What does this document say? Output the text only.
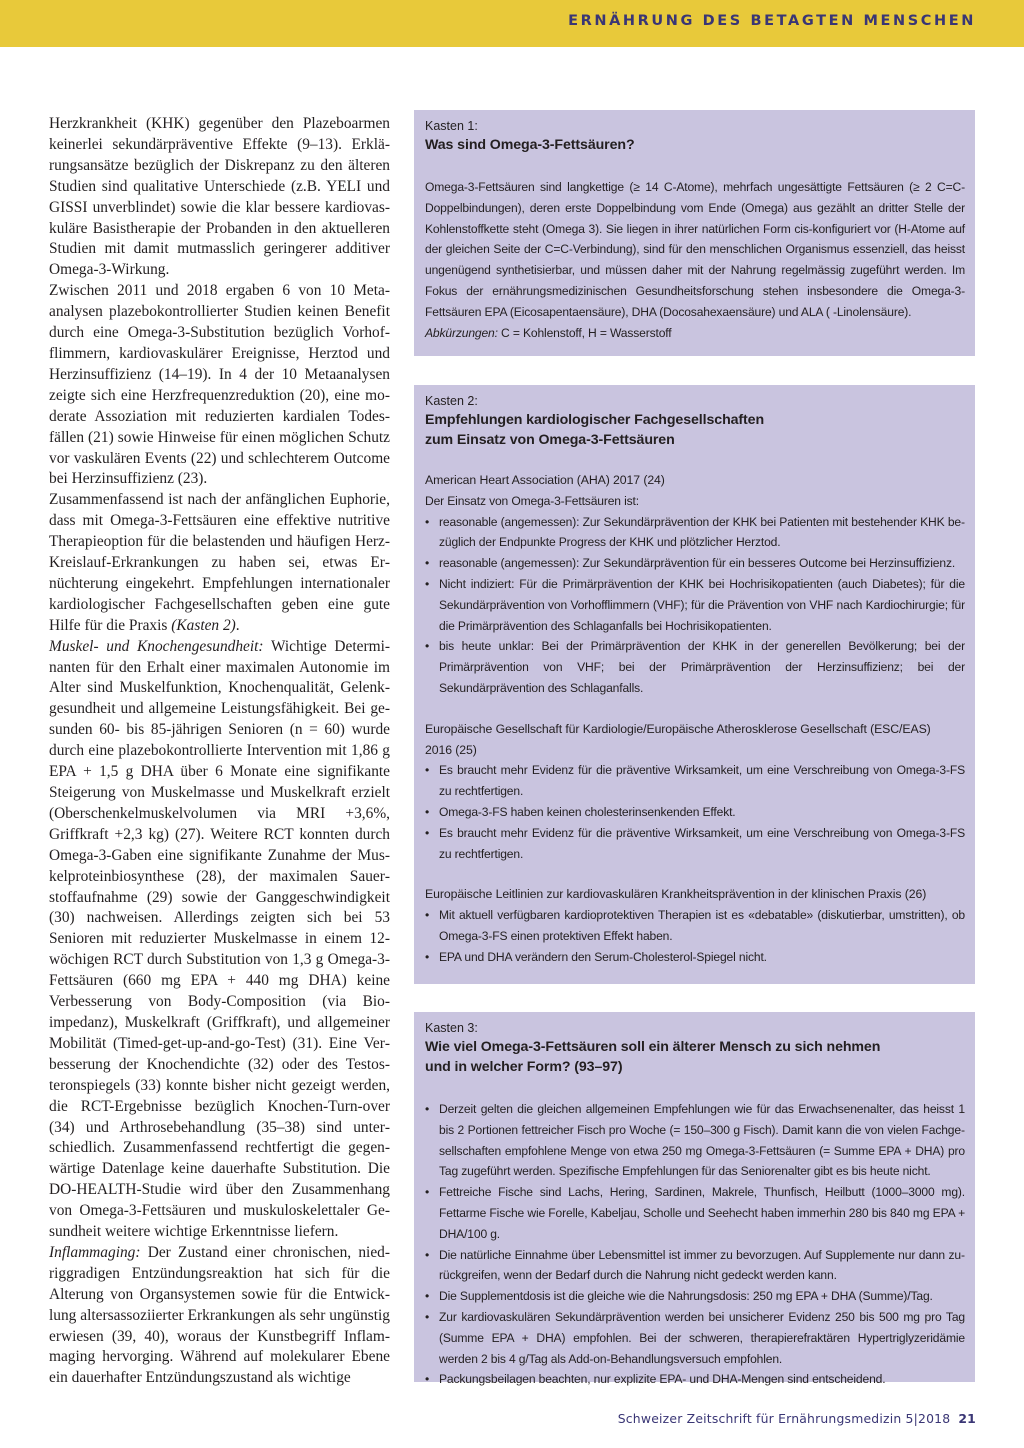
ERNÄHRUNG DES BETAGTEN MENSCHEN

Herzkrankheit (KHK) gegenüber den Plazeboarmen keinerlei sekundärpräventive Effekte (9–13). Erklärungsansätze bezüglich der Diskrepanz zu den älteren Studien sind qualitative Unterschiede (z.B. YELI und GISSI unverblindet) sowie die klar bessere kardiovaskuläre Basistherapie der Probanden in den aktuelleren Studien mit damit mutmasslich geringerer additiver Omega-3-Wirkung.

Zwischen 2011 und 2018 ergaben 6 von 10 Metaanalysen plazebokontrollierter Studien keinen Benefit durch eine Omega-3-Substitution bezüglich Vorhofflimmern, kardiovaskulärer Ereignisse, Herztod und Herzinsuffizienz (14–19). In 4 der 10 Metaanalysen zeigte sich eine Herzfrequenzreduktion (20), eine moderate Assoziation mit reduzierten kardialen Todesfällen (21) sowie Hinweise für einen möglichen Schutz vor vaskulären Events (22) und schlechterem Outcome bei Herzinsuffizienz (23).

Zusammenfassend ist nach der anfänglichen Euphorie, dass mit Omega-3-Fettsäuren eine effektive nutritive Therapieoption für die belastenden und häufigen Herz-Kreislauf-Erkrankungen zu haben sei, etwas Ernüchterung eingekehrt. Empfehlungen internationaler kardiologischer Fachgesellschaften geben eine gute Hilfe für die Praxis (Kasten 2).

Muskel- und Knochengesundheit: Wichtige Determinanten für den Erhalt einer maximalen Autonomie im Alter sind Muskelfunktion, Knochenqualität, Gelenkgesundheit und allgemeine Leistungsfähigkeit. Bei gesunden 60- bis 85-jährigen Senioren (n = 60) wurde durch eine plazebokontrollierte Intervention mit 1,86 g EPA + 1,5 g DHA über 6 Monate eine signifikante Steigerung von Muskelmasse und Muskelkraft erzielt (Oberschenkelmuskelvolumen via MRI +3,6%, Griffkraft +2,3 kg) (27). Weitere RCT konnten durch Omega-3-Gaben eine signifikante Zunahme der Muskelproteinbiosynthese (28), der maximalen Sauerstoffaufnahme (29) sowie der Ganggeschwindigkeit (30) nachweisen. Allerdings zeigten sich bei 53 Senioren mit reduzierter Muskelmasse in einem 12-wöchigen RCT durch Substitution von 1,3 g Omega-3-Fettsäuren (660 mg EPA + 440 mg DHA) keine Verbesserung von Body-Composition (via Bioimpedanz), Muskelkraft (Griffkraft), und allgemeiner Mobilität (Timed-get-up-and-go-Test) (31). Eine Verbesserung der Knochendichte (32) oder des Testosteronspiegels (33) konnte bisher nicht gezeigt werden, die RCT-Ergebnisse bezüglich Knochen-Turn-over (34) und Arthrosebehandlung (35–38) sind unterschiedlich. Zusammenfassend rechtfertigt die gegenwärtige Datenlage keine dauerhafte Substitution. Die DO-HEALTH-Studie wird über den Zusammenhang von Omega-3-Fettsäuren und muskuloskelettaler Gesundheit weitere wichtige Erkenntnisse liefern.

Inflammaging: Der Zustand einer chronischen, niedriggradigen Entzündungsreaktion hat sich für die Alterung von Organsystemen sowie für die Entwicklung altersassoziierter Erkrankungen als sehr ungünstig erwiesen (39, 40), woraus der Kunstbegriff Inflammaging hervorging. Während auf molekularer Ebene ein dauerhafter Entzündungszustand als wichtige

Kasten 1:
Was sind Omega-3-Fettsäuren?

Omega-3-Fettsäuren sind langkettige (≥ 14 C-Atome), mehrfach ungesättigte Fettsäuren (≥ 2 C=C-Doppelbindungen), deren erste Doppelbindung vom Ende (Omega) aus gezählt an dritter Stelle der Kohlenstoffkette steht (Omega 3). Sie liegen in ihrer natürlichen Form cis-konfiguriert vor (H-Atome auf der gleichen Seite der C=C-Verbindung), sind für den menschlichen Organismus essenziell, das heisst ungenügend synthetisierbar, und müssen daher mit der Nahrung regelmässig zugeführt werden. Im Fokus der ernährungsmedizinischen Gesundheitsforschung stehen insbesondere die Omega-3-Fettsäuren EPA (Eicosapentaensäure), DHA (Docosahexaensäure) und ALA ( -Linolensäure).

Abkürzungen: C = Kohlenstoff, H = Wasserstoff

Kasten 2:
Empfehlungen kardiologischer Fachgesellschaften
zum Einsatz von Omega-3-Fettsäuren
American Heart Association (AHA) 2017 (24)
Der Einsatz von Omega-3-Fettsäuren ist:
• reasonable (angemessen): Zur Sekundärprävention der KHK bei Patienten mit bestehender KHK bezüglich der Endpunkte Progress der KHK und plötzlicher Herztod.
• reasonable (angemessen): Zur Sekundärprävention für ein besseres Outcome bei Herzinsuffizienz.
• Nicht indiziert: Für die Primärprävention der KHK bei Hochrisikopatienten (auch Diabetes); für die Sekundärprävention von Vorhofflimmern (VHF); für die Prävention von VHF nach Kardiochirurgie; für die Primärprävention des Schlaganfalls bei Hochrisikopatienten.
• bis heute unklar: Bei der Primärprävention der KHK in der generellen Bevölkerung; bei der Primärprävention von VHF; bei der Primärprävention der Herzinsuffizienz; bei der Sekundärprävention des Schlaganfalls.
Europäische Gesellschaft für Kardiologie/Europäische Atherosklerose Gesellschaft (ESC/EAS)
2016 (25)
• Es braucht mehr Evidenz für die präventive Wirksamkeit, um eine Verschreibung von Omega-3-FS zu rechtfertigen.
• Omega-3-FS haben keinen cholesterinsenkenden Effekt.
• Es braucht mehr Evidenz für die präventive Wirksamkeit, um eine Verschreibung von Omega-3-FS zu rechtfertigen.
Europäische Leitlinien zur kardiovaskulären Krankheitsprävention in der klinischen Praxis (26)
• Mit aktuell verfügbaren kardioprotektiven Therapien ist es «debatable» (diskutierbar, umstritten), ob Omega-3-FS einen protektiven Effekt haben.
• EPA und DHA verändern den Serum-Cholesterol-Spiegel nicht.
Kasten 3:
Wie viel Omega-3-Fettsäuren soll ein älterer Mensch zu sich nehmen
und in welcher Form? (93–97)
• Derzeit gelten die gleichen allgemeinen Empfehlungen wie für das Erwachsenenalter, das heisst 1 bis 2 Portionen fettreicher Fisch pro Woche (= 150–300 g Fisch). Damit kann die von vielen Fachgesellschaften empfohlene Menge von etwa 250 mg Omega-3-Fettsäuren (= Summe EPA + DHA) pro Tag zugeführt werden. Spezifische Empfehlungen für das Seniorenalter gibt es bis heute nicht.
• Fettreiche Fische sind Lachs, Hering, Sardinen, Makrele, Thunfisch, Heilbutt (1000–3000 mg). Fettarme Fische wie Forelle, Kabeljau, Scholle und Seehecht haben immerhin 280 bis 840 mg EPA + DHA/100 g.
• Die natürliche Einnahme über Lebensmittel ist immer zu bevorzugen. Auf Supplemente nur dann zurückgreifen, wenn der Bedarf durch die Nahrung nicht gedeckt werden kann.
• Die Supplementdosis ist die gleiche wie die Nahrungsdosis: 250 mg EPA + DHA (Summe)/Tag.
• Zur kardiovaskulären Sekundärprävention werden bei unsicherer Evidenz 250 bis 500 mg pro Tag (Summe EPA + DHA) empfohlen. Bei der schweren, therapierefraktären Hypertriglyzeridämie werden 2 bis 4 g/Tag als Add-on-Behandlungsversuch empfohlen.
• Packungsbeilagen beachten, nur explizite EPA- und DHA-Mengen sind entscheidend.
Schweizer Zeitschrift für Ernährungsmedizin 5|2018 21
